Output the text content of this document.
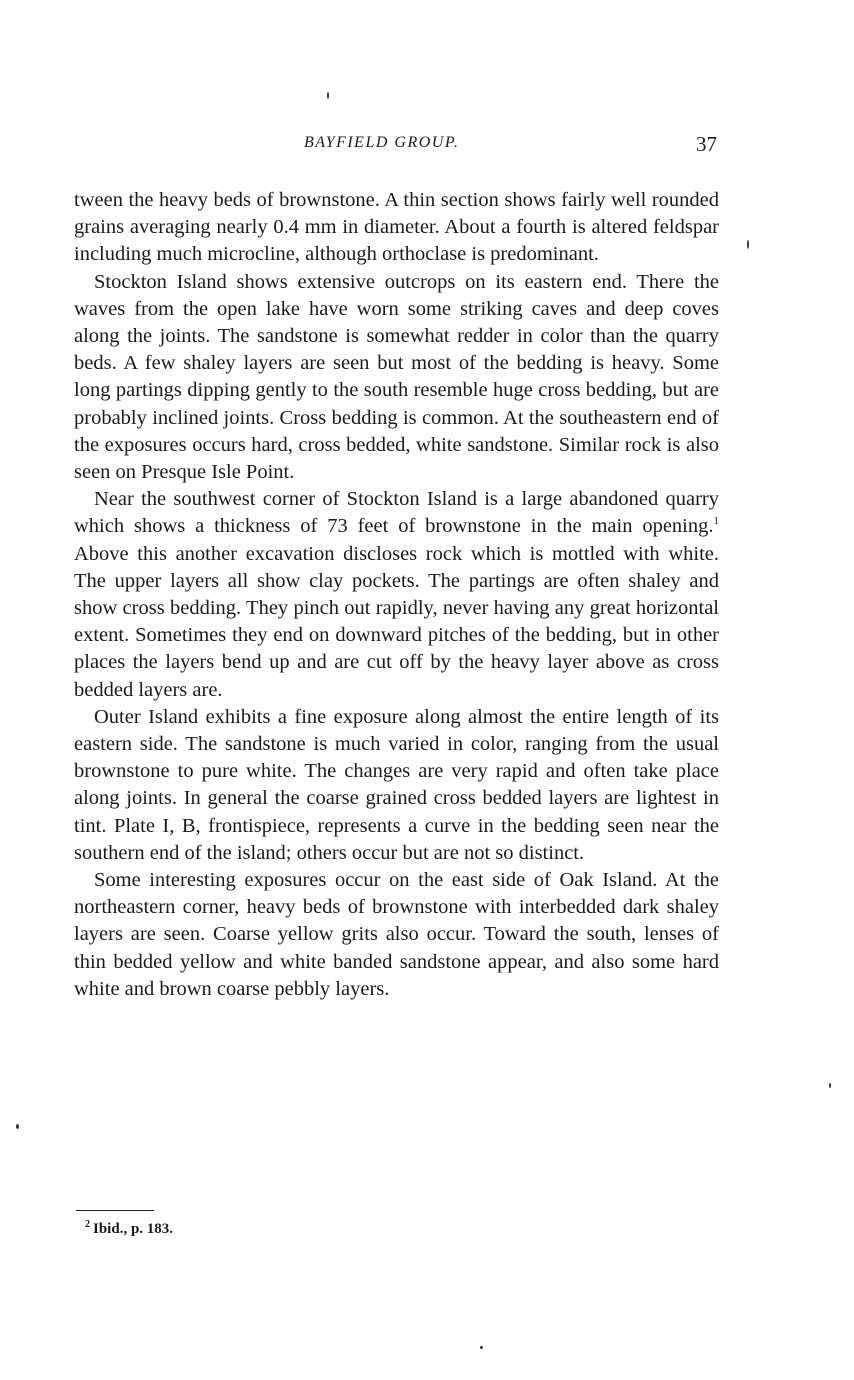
BAYFIELD GROUP.	37

tween the heavy beds of brownstone. A thin section shows fairly well rounded grains averaging nearly 0.4 mm in diameter. About a fourth is altered feldspar including much microcline, although orthoclase is predominant.

Stockton Island shows extensive outcrops on its eastern end. There the waves from the open lake have worn some striking caves and deep coves along the joints. The sandstone is somewhat redder in color than the quarry beds. A few shaley layers are seen but most of the bedding is heavy. Some long partings dipping gently to the south resemble huge cross bedding, but are probably inclined joints. Cross bedding is common. At the southeastern end of the exposures occurs hard, cross bedded, white sandstone. Similar rock is also seen on Presque Isle Point.

Near the southwest corner of Stockton Island is a large abandoned quarry which shows a thickness of 73 feet of brownstone in the main opening.$^1$ Above this another excavation discloses rock which is mottled with white. The upper layers all show clay pockets. The partings are often shaley and show cross bedding. They pinch out rapidly, never having any great horizontal extent. Sometimes they end on downward pitches of the bedding, but in other places the layers bend up and are cut off by the heavy layer above as cross bedded layers are.

Outer Island exhibits a fine exposure along almost the entire length of its eastern side. The sandstone is much varied in color, ranging from the usual brownstone to pure white. The changes are very rapid and often take place along joints. In general the coarse grained cross bedded layers are lightest in tint. Plate I, B, frontispiece, represents a curve in the bedding seen near the southern end of the island; others occur but are not so distinct.

Some interesting exposures occur on the east side of Oak Island. At the northeastern corner, heavy beds of brownstone with interbedded dark shaley layers are seen. Coarse yellow grits also occur. Toward the south, lenses of thin bedded yellow and white banded sandstone appear, and also some hard white and brown coarse pebbly layers.

$^2$ Ibid., p. 183.
